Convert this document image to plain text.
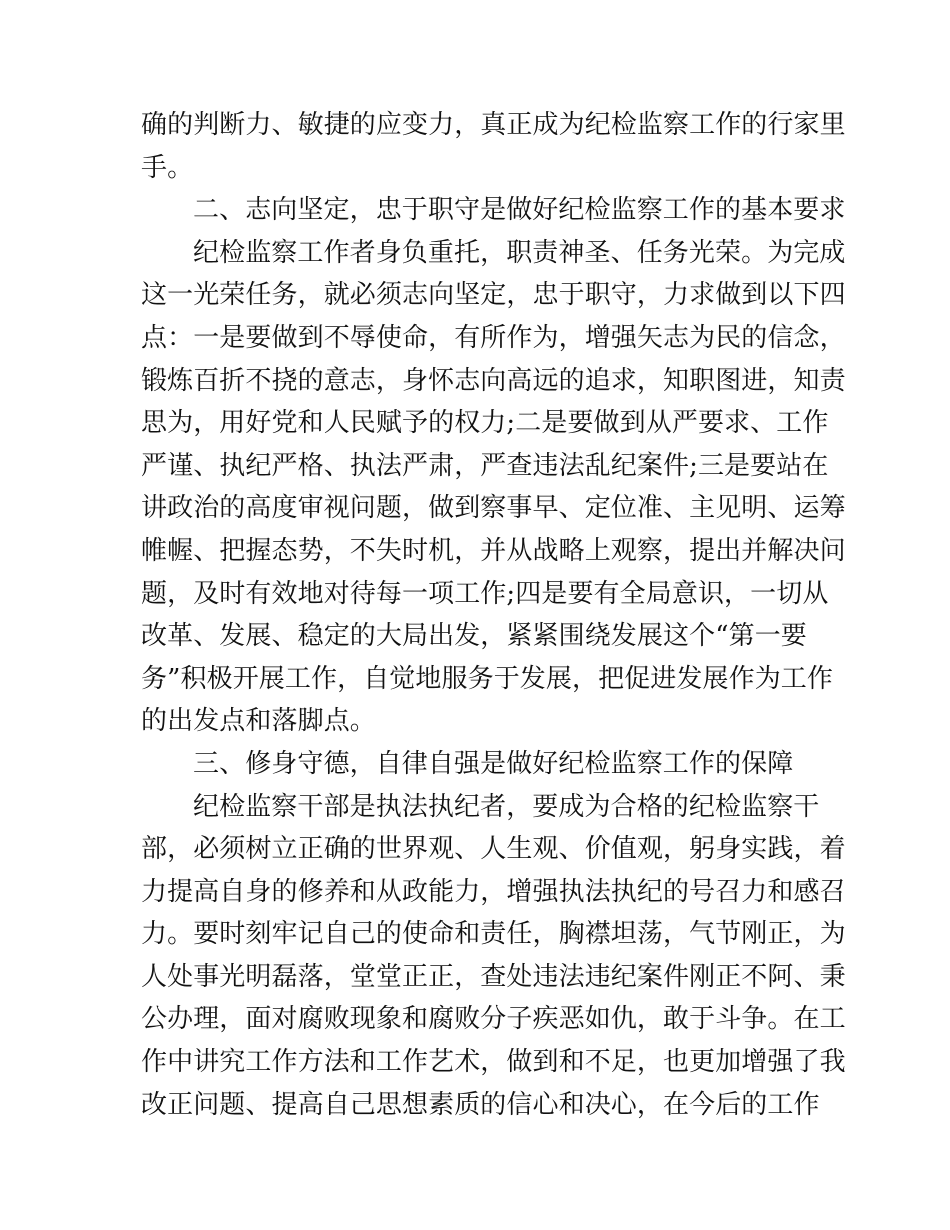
确的判断力、敏捷的应变力，真正成为纪检监察工作的行家里
手。
二、志向坚定，忠于职守是做好纪检监察工作的基本要求
纪检监察工作者身负重托，职责神圣、任务光荣。为完成
这一光荣任务，就必须志向坚定，忠于职守，力求做到以下四
点：一是要做到不辱使命，有所作为，增强矢志为民的信念，
锻炼百折不挠的意志，身怀志向高远的追求，知职图进，知责
思为，用好党和人民赋予的权力;二是要做到从严要求、工作
严谨、执纪严格、执法严肃，严查违法乱纪案件;三是要站在
讲政治的高度审视问题，做到察事早、定位准、主见明、运筹
帷幄、把握态势，不失时机，并从战略上观察，提出并解决问
题，及时有效地对待每一项工作;四是要有全局意识，一切从
改革、发展、稳定的大局出发，紧紧围绕发展这个“第一要
务”积极开展工作，自觉地服务于发展，把促进发展作为工作
的出发点和落脚点。
三、修身守德，自律自强是做好纪检监察工作的保障
纪检监察干部是执法执纪者，要成为合格的纪检监察干
部，必须树立正确的世界观、人生观、价值观，躬身实践，着
力提高自身的修养和从政能力，增强执法执纪的号召力和感召
力。要时刻牢记自己的使命和责任，胸襟坦荡，气节刚正，为
人处事光明磊落，堂堂正正，查处违法违纪案件刚正不阿、秉
公办理，面对腐败现象和腐败分子疾恶如仇，敢于斗争。在工
作中讲究工作方法和工作艺术，做到和不足，也更加增强了我
改正问题、提高自己思想素质的信心和决心，在今后的工作
